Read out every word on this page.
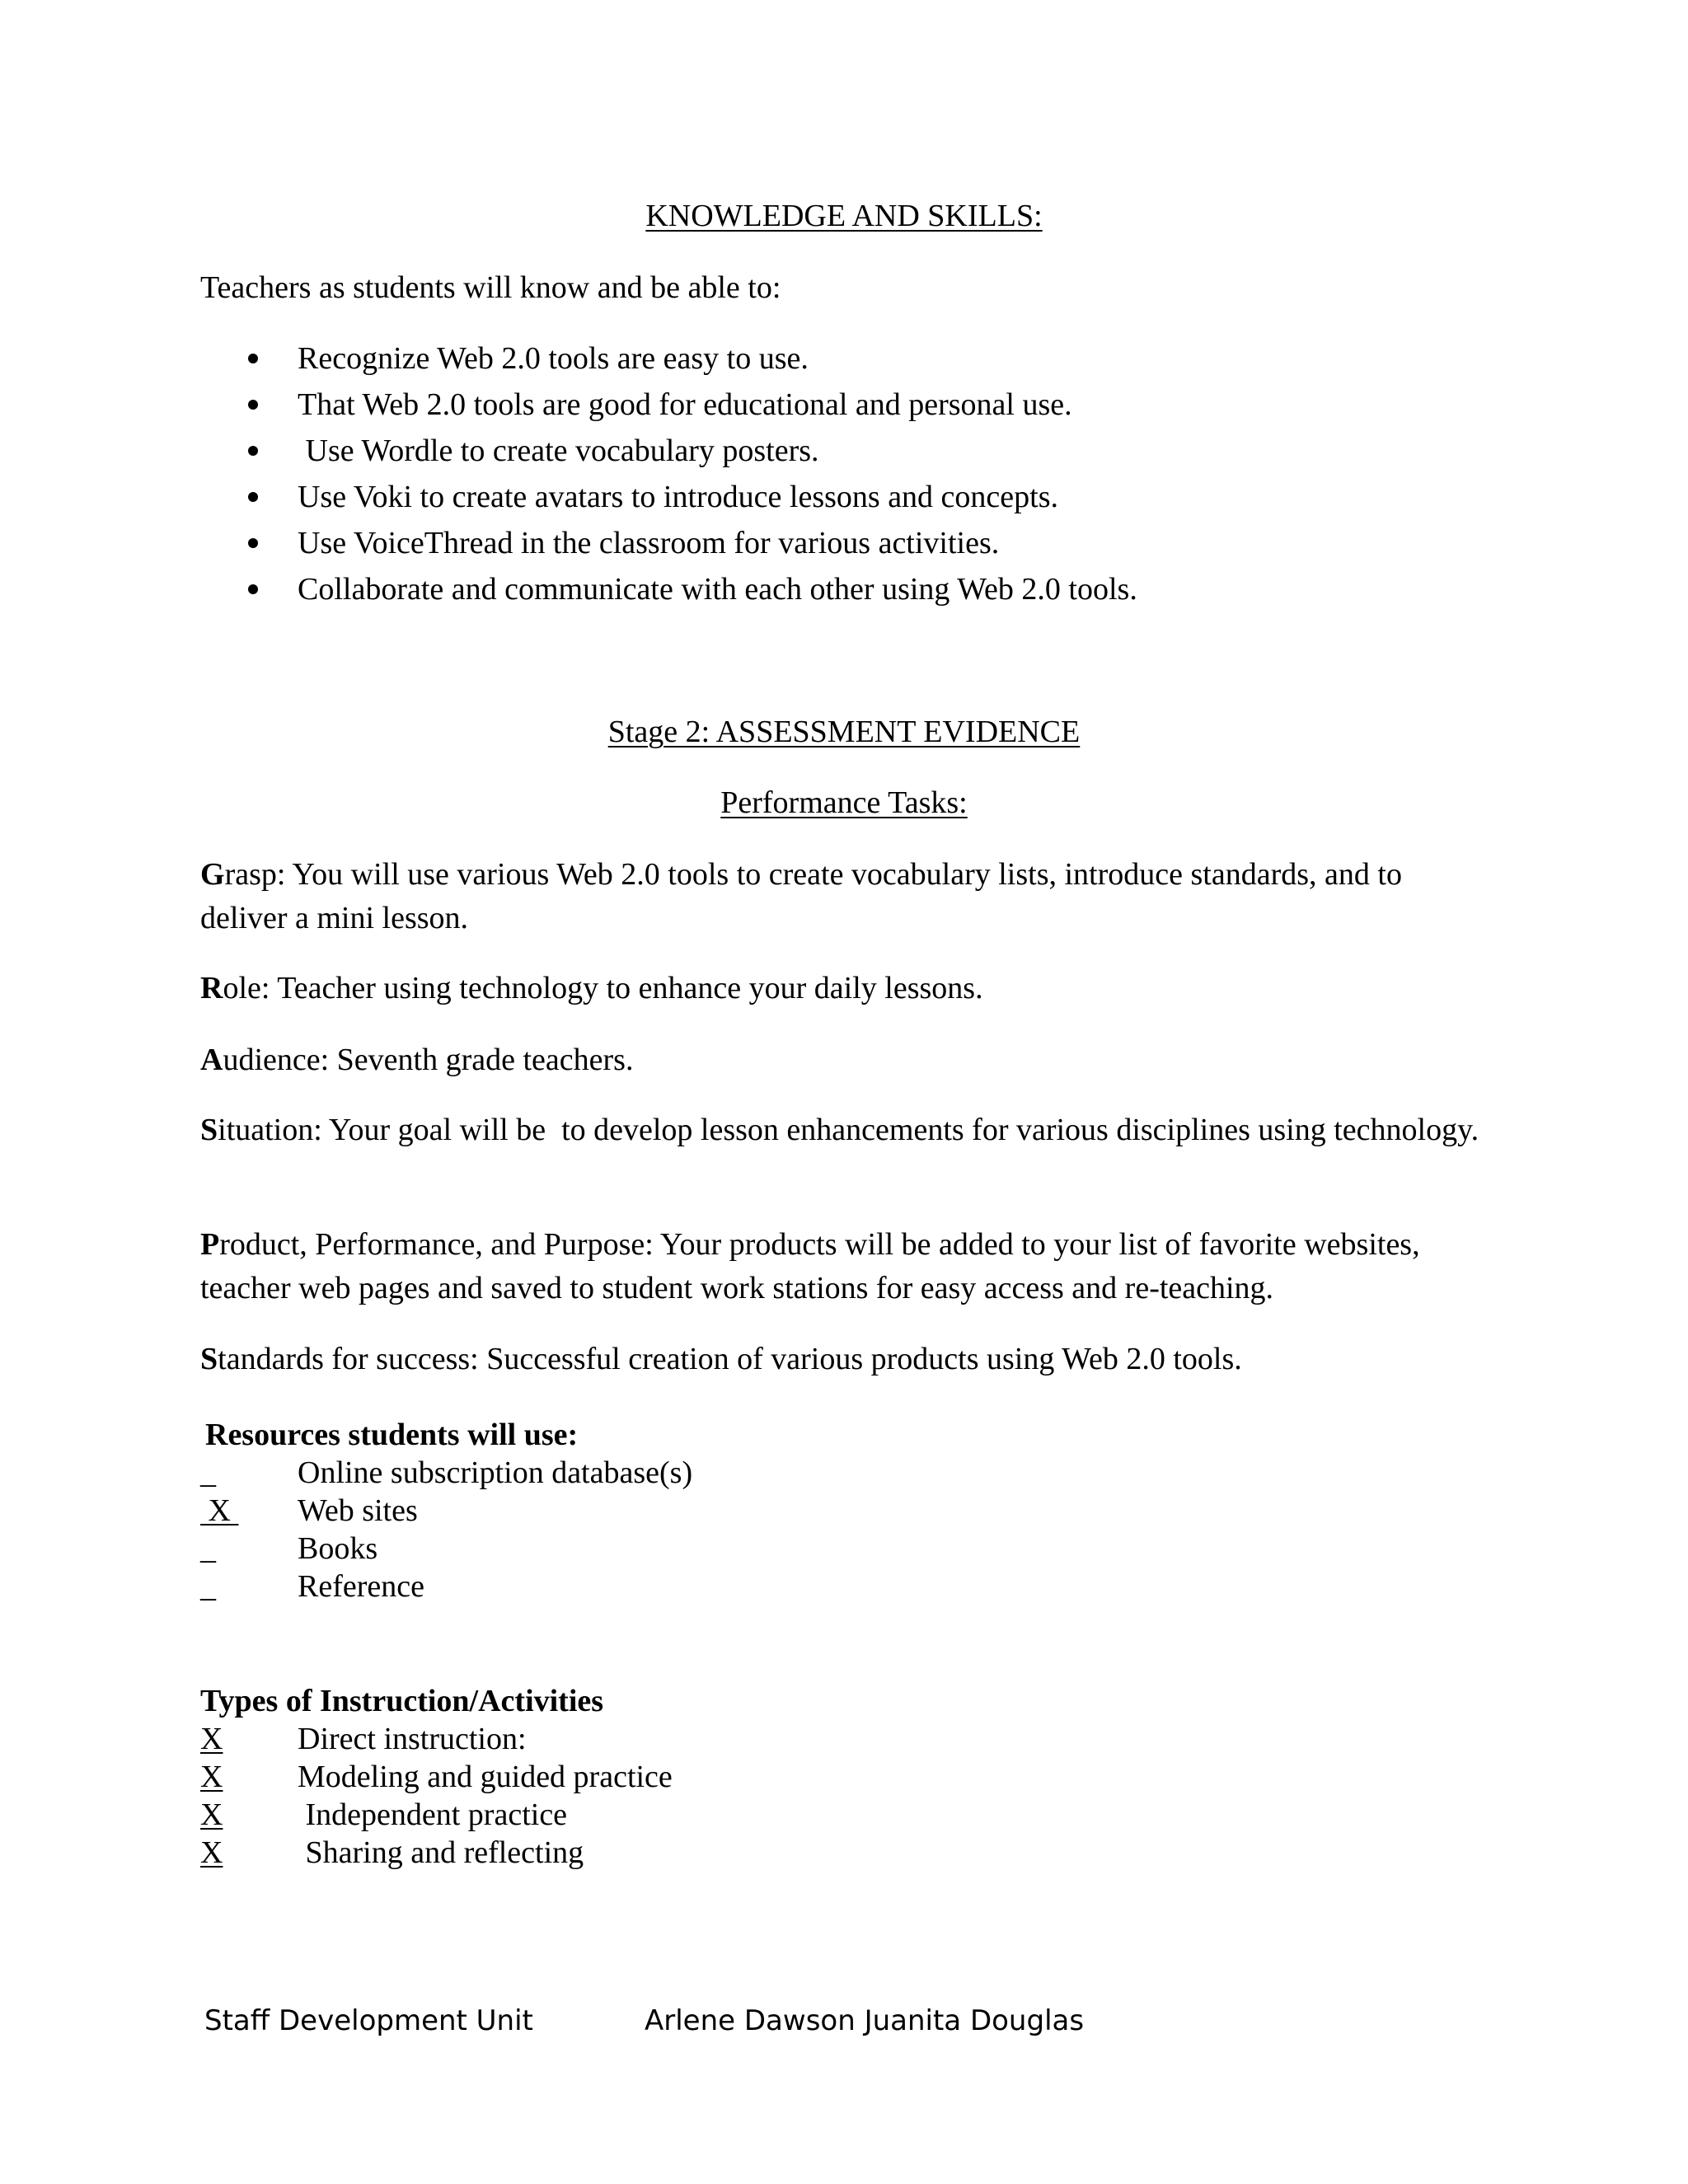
KNOWLEDGE AND SKILLS:
Teachers as students will know and be able to:
Recognize Web 2.0 tools are easy to use.
That Web 2.0 tools are good for educational and personal use.
Use Wordle to create vocabulary posters.
Use Voki to create avatars to introduce lessons and concepts.
Use VoiceThread in the classroom for various activities.
Collaborate and communicate with each other using Web 2.0 tools.
Stage 2: ASSESSMENT EVIDENCE
Performance Tasks:
Grasp: You will use various Web 2.0 tools to create vocabulary lists, introduce standards, and to deliver a mini lesson.
Role: Teacher using technology to enhance your daily lessons.
Audience: Seventh grade teachers.
Situation: Your goal will be  to develop lesson enhancements for various disciplines using technology.
Product, Performance, and Purpose: Your products will be added to your list of favorite websites, teacher web pages and saved to student work stations for easy access and re-teaching.
Standards for success: Successful creation of various products using Web 2.0 tools.
Resources students will use:
_	Online subscription database(s)
X Web sites
_	Books
_	Reference
Types of Instruction/Activities
X Direct instruction:
X Modeling and guided practice
X Independent practice
X Sharing and reflecting
Staff Development Unit	Arlene Dawson Juanita Douglas
